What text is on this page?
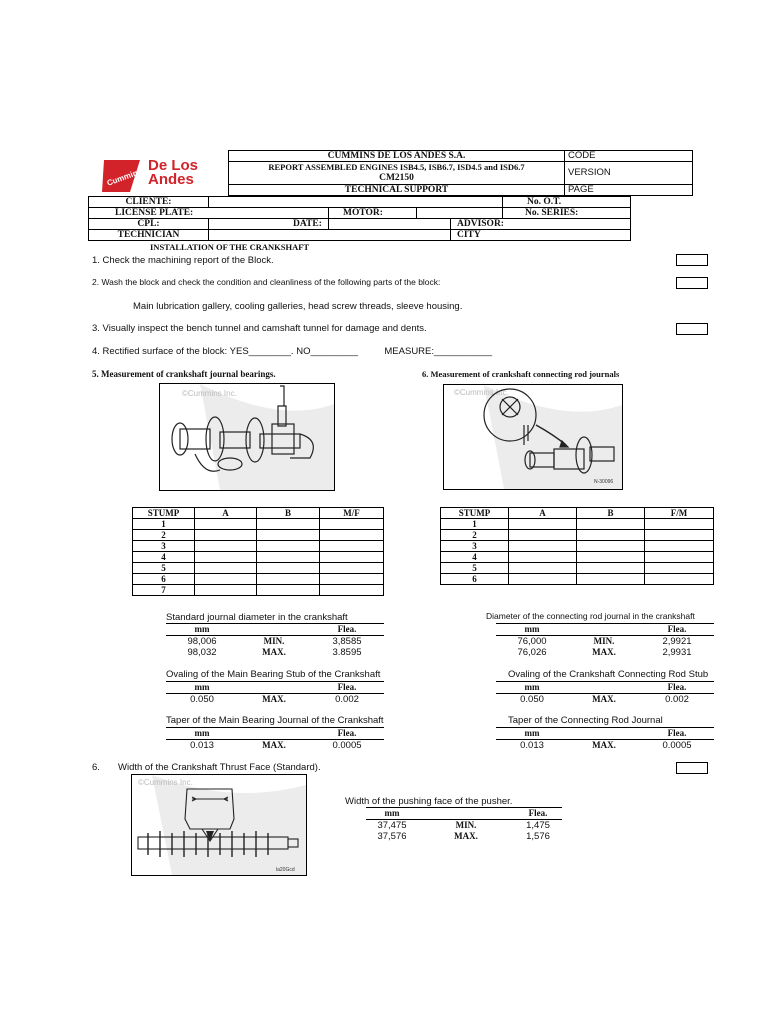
Cummins
De Los
Andes
CUMMINS DE LOS ANDES S.A.	CODE

REPORT ASSEMBLED ENGINES ISB4.5, ISB6.7, ISD4.5 and ISD6.7
CM2150	VERSION
TECHNICAL SUPPORT	PAGE
CLIENTE:					No. O.T.
LICENSE PLATE:		MOTOR:			No. SERIES:
CPL:	DATE:			ADVISOR:	
TECHNICIAN				CITY	
INSTALLATION OF THE CRANKSHAFT
1. Check the machining report of the Block.
2. Wash the block and check the condition and cleanliness of the following parts of the block:
Main lubrication gallery, cooling galleries, head screw threads, sleeve housing.
3. Visually inspect the bench tunnel and camshaft tunnel for damage and dents.
4. Rectified surface of the block: YES________. NO_________          MEASURE:___________
5. Measurement of crankshaft journal bearings.	6. Measurement of crankshaft connecting rod journals
©Cummins Inc.	©Cummins Inc.
N-30096
STUMP	A	B	M/F
1			
2			
3			
4			
5			
6			
7			
STUMP	A	B	F/M
1			
2			
3			
4			
5			
6			
Standard journal diameter in the crankshaft
mm		Flea.
98,006	MIN.	3,8585
98,032	MAX.	3.8595
Diameter of the connecting rod journal in the crankshaft
mm		Flea.
76,000	MIN.	2,9921
76,026	MAX.	2,9931
Ovaling of the Main Bearing Stub of the Crankshaft
mm		Flea.
0.050	MAX.	0.002
Ovaling of the Crankshaft Connecting Rod Stub
mm		Flea.
0.050	MAX.	0.002
Taper of the Main Bearing Journal of the Crankshaft
mm		Flea.
0.013	MAX.	0.0005
Taper of the Connecting Rod Journal
mm		Flea.
0.013	MAX.	0.0005
6. Width of the Crankshaft Thrust Face (Standard).
©Cummins Inc.
la20Gcd
Width of the pushing face of the pusher.
mm		Flea.
37,475	MIN.	1,475
37,576	MAX.	1,576
